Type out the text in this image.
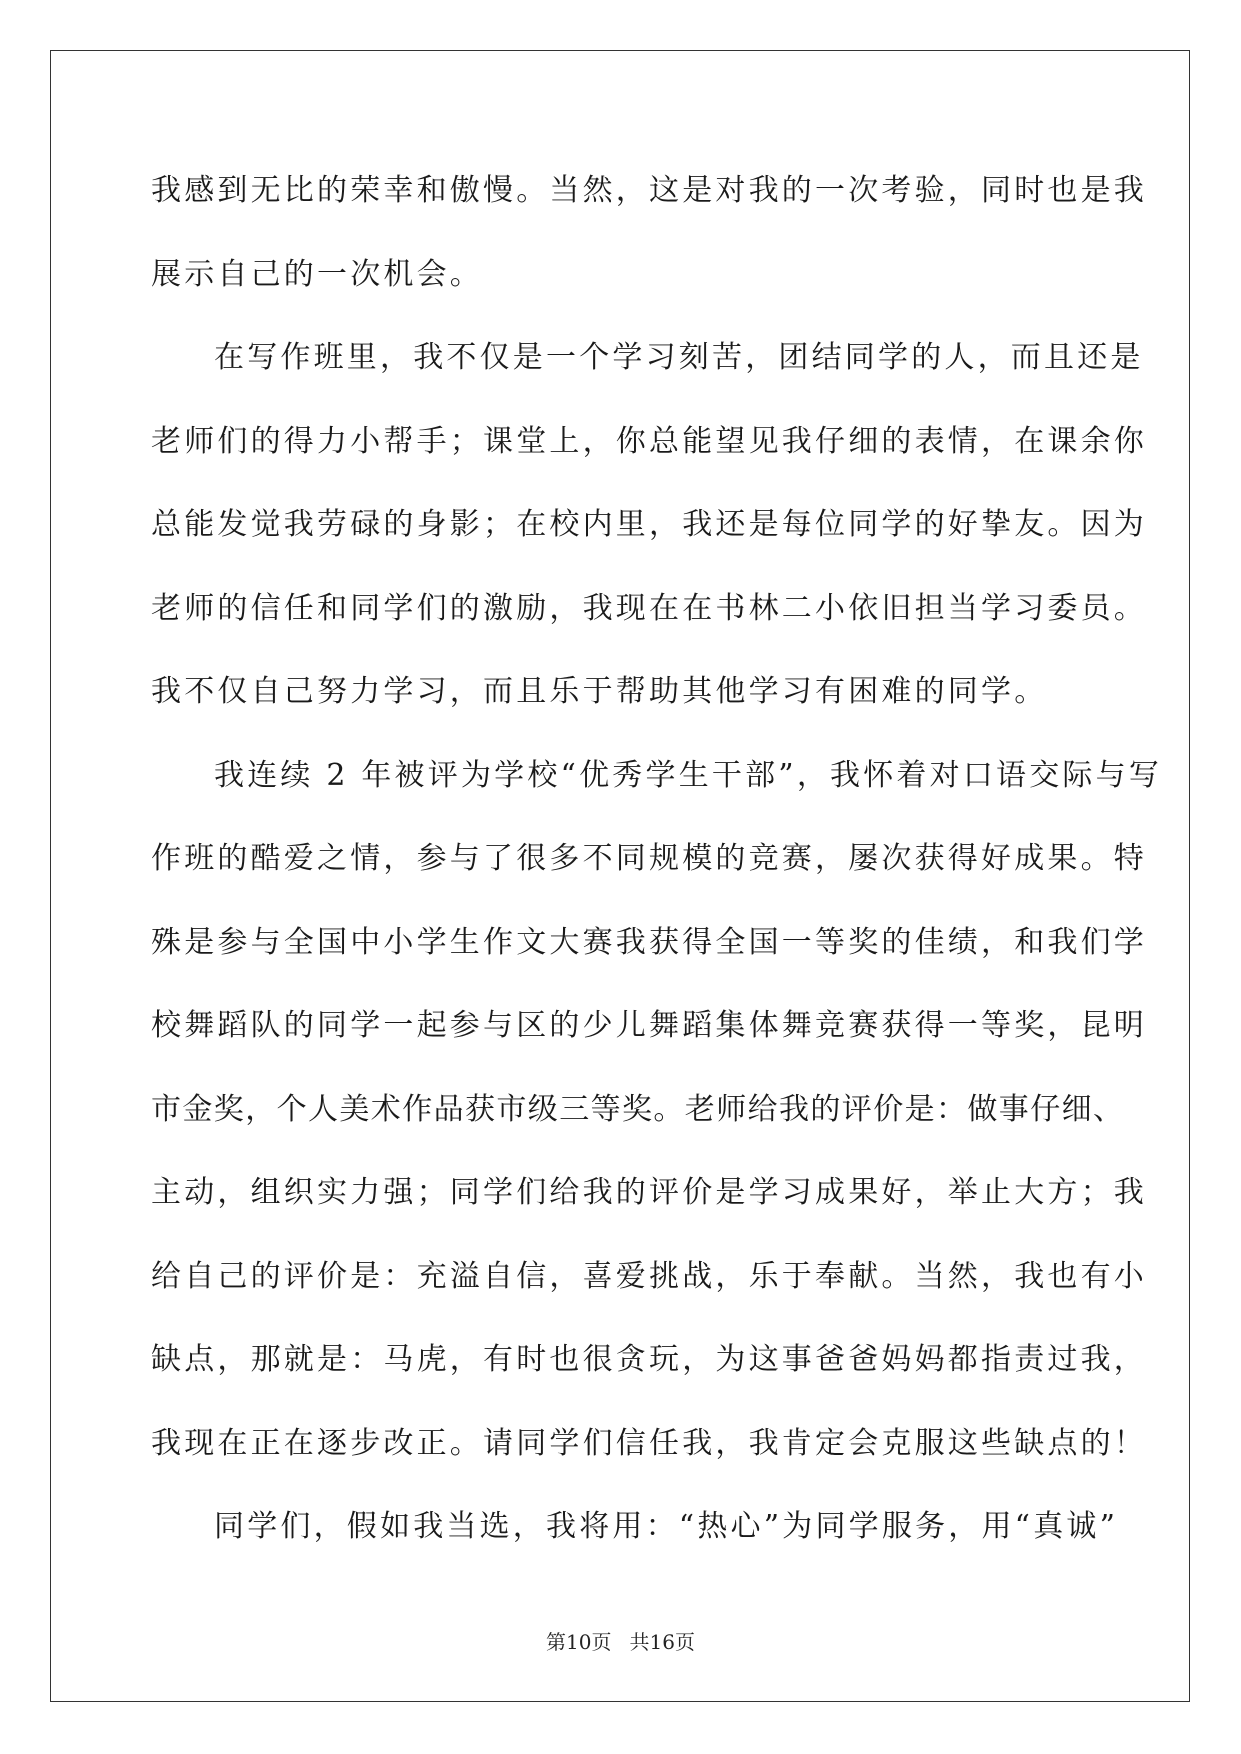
我感到无比的荣幸和傲慢。当然，这是对我的一次考验，同时也是我
展示自己的一次机会。
在写作班里，我不仅是一个学习刻苦，团结同学的人，而且还是
老师们的得力小帮手；课堂上，你总能望见我仔细的表情，在课余你
总能发觉我劳碌的身影；在校内里，我还是每位同学的好挚友。因为
老师的信任和同学们的激励，我现在在书林二小依旧担当学习委员。
我不仅自己努力学习，而且乐于帮助其他学习有困难的同学。
我连续 2 年被评为学校“优秀学生干部”，我怀着对口语交际与写
作班的酷爱之情，参与了很多不同规模的竞赛，屡次获得好成果。特
殊是参与全国中小学生作文大赛我获得全国一等奖的佳绩，和我们学
校舞蹈队的同学一起参与区的少儿舞蹈集体舞竞赛获得一等奖，昆明
市金奖，个人美术作品获市级三等奖。老师给我的评价是：做事仔细、
主动，组织实力强；同学们给我的评价是学习成果好，举止大方；我
给自己的评价是：充溢自信，喜爱挑战，乐于奉献。当然，我也有小
缺点，那就是：马虎，有时也很贪玩，为这事爸爸妈妈都指责过我，
我现在正在逐步改正。请同学们信任我，我肯定会克服这些缺点的！
同学们，假如我当选，我将用：“热心”为同学服务，用“真诚”
第10页 共16页
